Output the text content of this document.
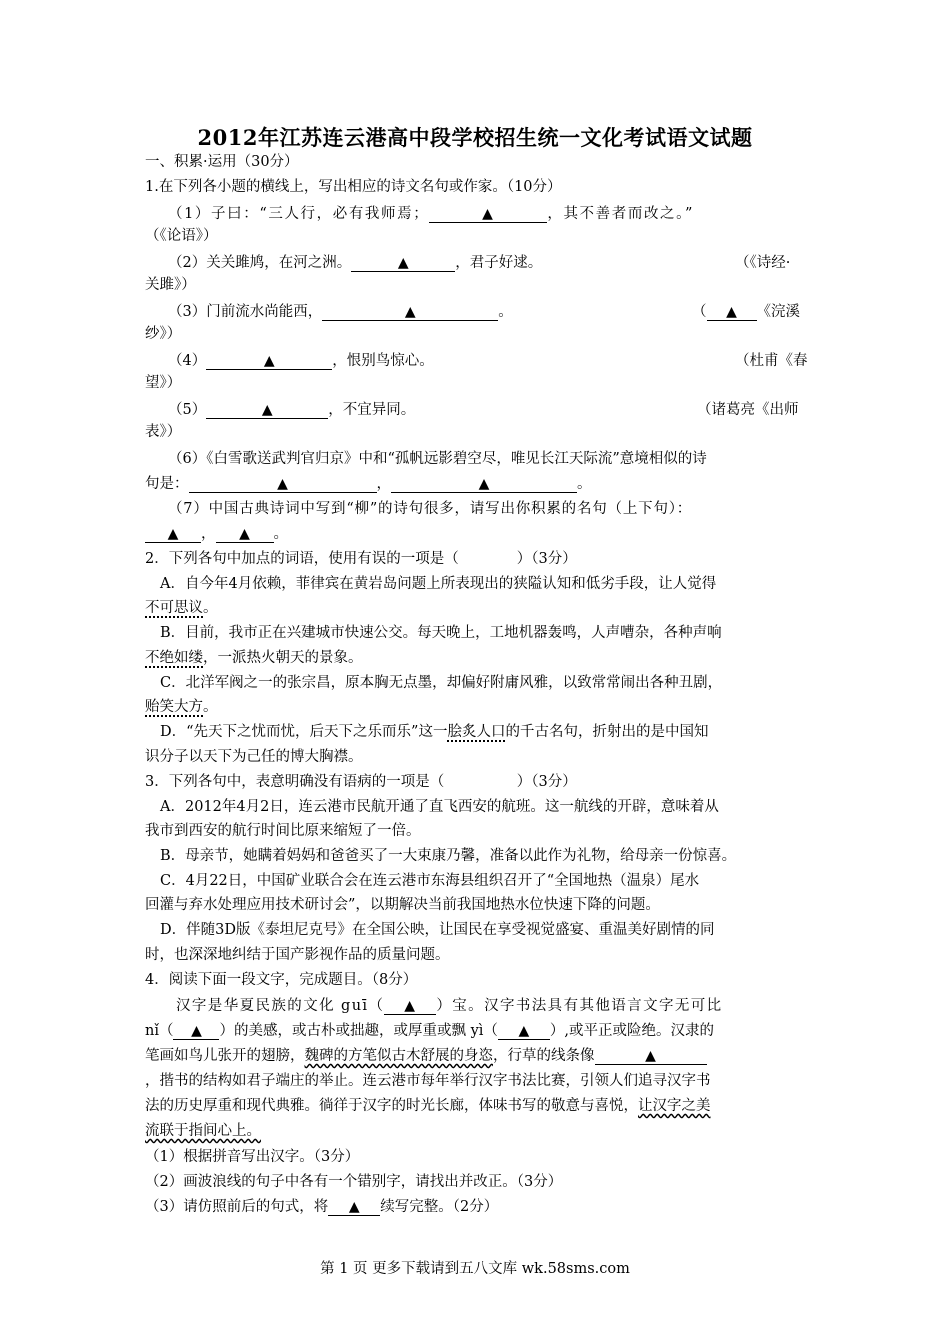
2012年江苏连云港高中段学校招生统一文化考试语文试题
一、积累·运用（30分）
1.在下列各小题的横线上，写出相应的诗文名句或作家。（10分）
（1）子曰：“三人行，必有我师焉；	▲	，其不善者而改之。”
（《论语》）
（2）关关雎鸠，在河之洲。	▲	，君子好逑。	（《诗经·
关雎》）
（3）门前流水尚能西，	▲	。	（ ▲ 《浣溪
纱》）
（4）	▲	，恨别鸟惊心。	（杜甫《春
望》）
（5）	▲	，不宜异同。	（诸葛亮《出师
表》）
（6）《白雪歌送武判官归京》中和“孤帆远影碧空尽，唯见长江天际流”意境相似的诗
句是：	▲	，	▲	。
（7）中国古典诗词中写到“柳”的诗句很多，请写出你积累的名句（上下句）：
▲ ， ▲ 。
2．下列各句中加点的词语，使用有误的一项是（　　　　）（3分）
A．自今年4月依赖，菲律宾在黄岩岛问题上所表现出的狭隘认知和低劣手段，让人觉得
不可思议。
B．目前，我市正在兴建城市快速公交。每天晚上，工地机器轰鸣，人声嘈杂，各种声响
不绝如缕，一派热火朝天的景象。
C．北洋军阀之一的张宗昌，原本胸无点墨，却偏好附庸风雅，以致常常闹出各种丑剧，
贻笑大方。
D．“先天下之忧而忧，后天下之乐而乐”这一脍炙人口的千古名句，折射出的是中国知
识分子以天下为己任的博大胸襟。
3．下列各句中，表意明确没有语病的一项是（　　　　　）（3分）
A．2012年4月2日，连云港市民航开通了直飞西安的航班。这一航线的开辟，意味着从
我市到西安的航行时间比原来缩短了一倍。
B．母亲节，她瞒着妈妈和爸爸买了一大束康乃馨，准备以此作为礼物，给母亲一份惊喜。
C．4月22日，中国矿业联合会在连云港市东海县组织召开了“全国地热（温泉）尾水
回灌与弃水处理应用技术研讨会”，以期解决当前我国地热水位快速下降的问题。
D．伴随3D版《泰坦尼克号》在全国公映，让国民在享受视觉盛宴、重温美好剧情的同
时，也深深地纠结于国产影视作品的质量问题。
4．阅读下面一段文字，完成题目。（8分）
汉字是华夏民族的文化 guī（ ▲ ）宝。汉字书法具有其他语言文字无可比
nǐ（ ▲ ）的美感，或古朴或拙趣，或厚重或飘 yì（ ▲ ）,或平正或险绝。汉隶的
笔画如鸟儿张开的翅膀，魏碑的方笔似古木舒展的身恣，行草的线条像	▲
，揩书的结构如君子端庄的举止。连云港市每年举行汉字书法比赛，引领人们追寻汉字书
法的历史厚重和现代典雅。徜徉于汉字的时光长廊，体味书写的敬意与喜悦，让汉字之美
流联于指间心上。
（1）根据拼音写出汉字。（3分）
（2）画波浪线的句子中各有一个错别字，请找出并改正。（3分）
（3）请仿照前后的句式，将 ▲ 续写完整。（2分）
第 1 页 更多下载请到五八文库 wk.58sms.com
